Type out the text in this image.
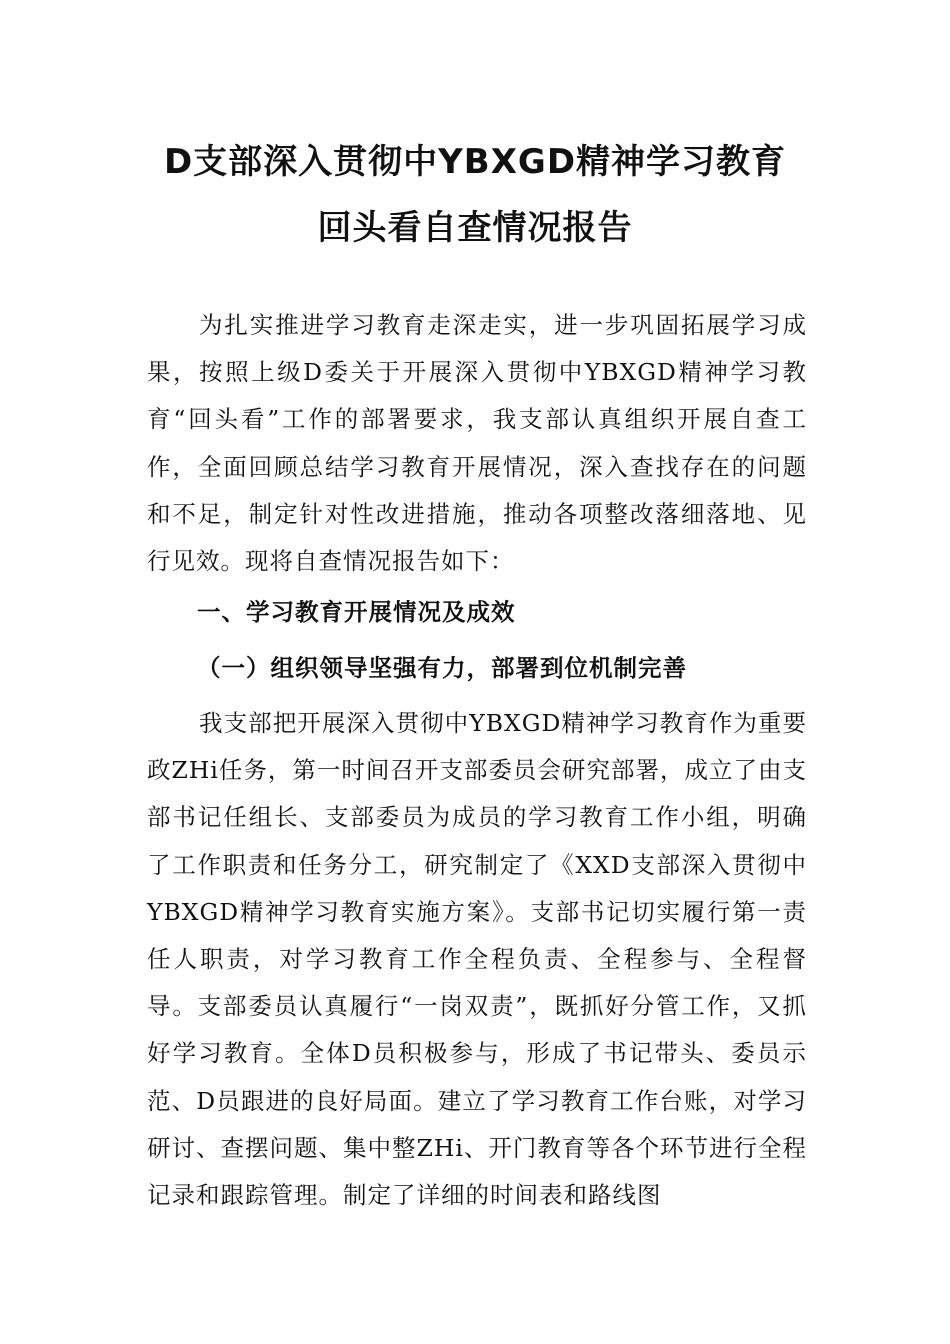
D支部深入贯彻中YBXGD精神学习教育
回头看自查情况报告

为扎实推进学习教育走深走实，进一步巩固拓展学习成果，按照上级D委关于开展深入贯彻中YBXGD精神学习教育“回头看”工作的部署要求，我支部认真组织开展自查工作，全面回顾总结学习教育开展情况，深入查找存在的问题和不足，制定针对性改进措施，推动各项整改落细落地、见行见效。现将自查情况报告如下：

一、学习教育开展情况及成效
（一）组织领导坚强有力，部署到位机制完善

我支部把开展深入贯彻中YBXGD精神学习教育作为重要政ZHi任务，第一时间召开支部委员会研究部署，成立了由支部书记任组长、支部委员为成员的学习教育工作小组，明确了工作职责和任务分工，研究制定了《XXD支部深入贯彻中YBXGD精神学习教育实施方案》。支部书记切实履行第一责任人职责，对学习教育工作全程负责、全程参与、全程督导。支部委员认真履行“一岗双责”，既抓好分管工作，又抓好学习教育。全体D员积极参与，形成了书记带头、委员示范、D员跟进的良好局面。建立了学习教育工作台账，对学习研讨、查摆问题、集中整ZHi、开门教育等各个环节进行全程记录和跟踪管理。制定了详细的时间表和路线图
